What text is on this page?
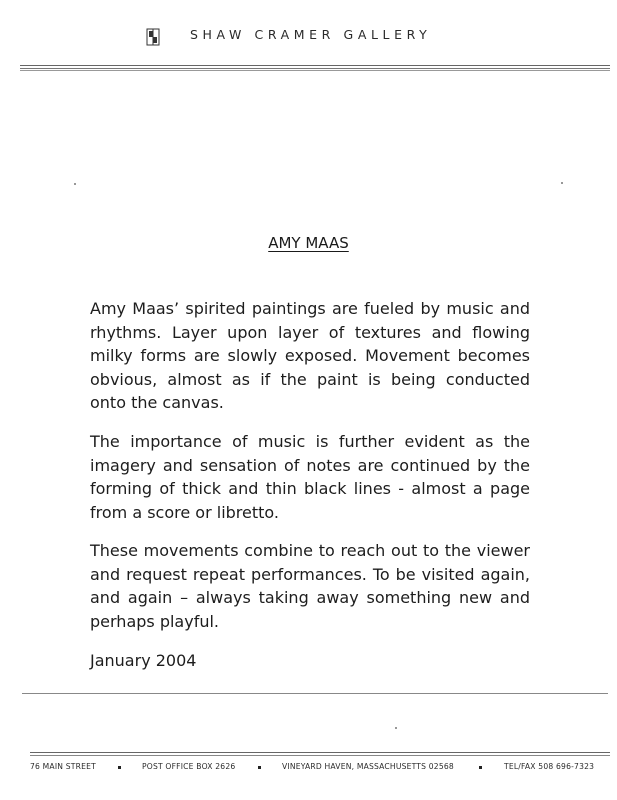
SHAW CRAMER GALLERY
AMY MAAS
Amy Maas’ spirited paintings are fueled by music and rhythms. Layer upon layer of textures and flowing milky forms are slowly exposed. Movement becomes obvious, almost as if the paint is being conducted onto the canvas.
The importance of music is further evident as the imagery and sensation of notes are continued by the forming of thick and thin black lines - almost a page from a score or libretto.
These movements combine to reach out to the viewer and request repeat performances. To be visited again, and again – always taking away something new and perhaps playful.
January 2004
76 MAIN STREET	POST OFFICE BOX 2626	VINEYARD HAVEN, MASSACHUSETTS 02568	TEL/FAX 508 696-7323
